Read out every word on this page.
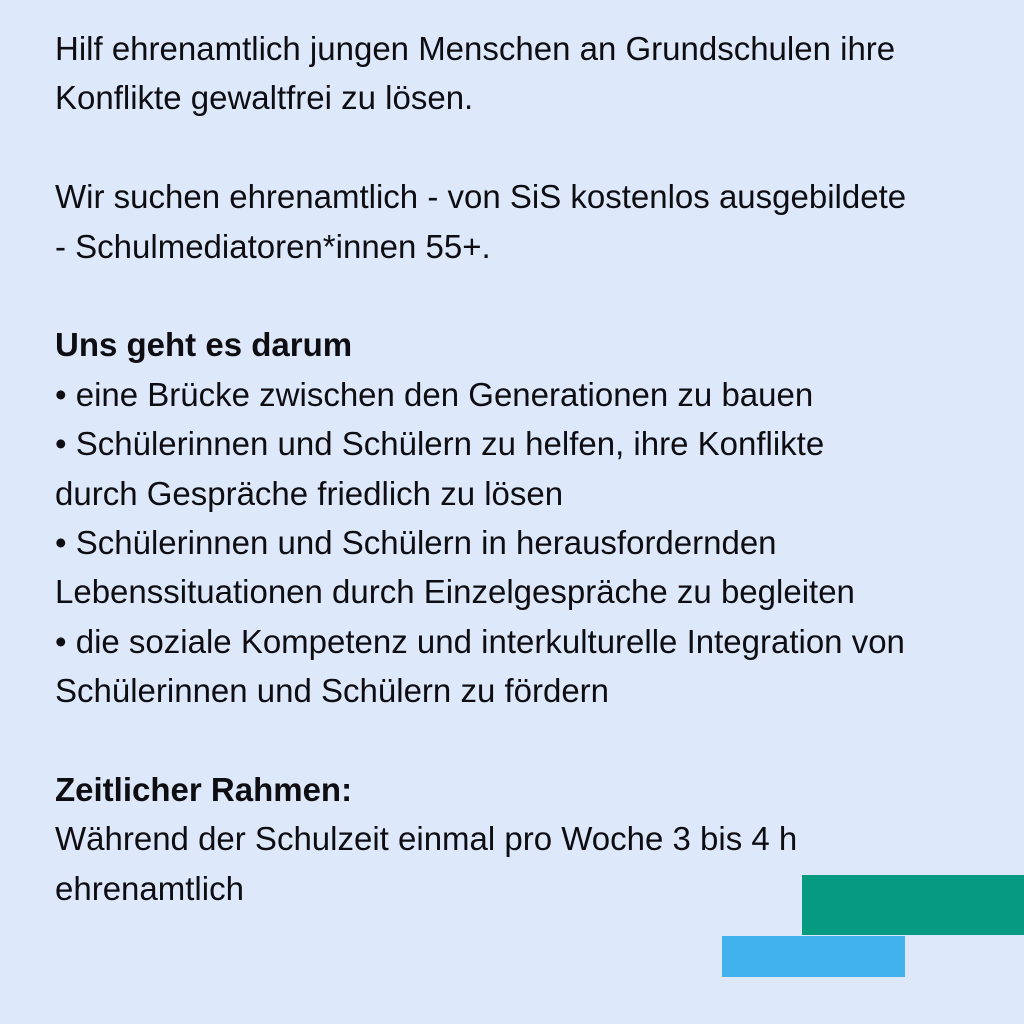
Hilf ehrenamtlich jungen Menschen an Grundschulen ihre
Konflikte gewaltfrei zu lösen.

Wir suchen ehrenamtlich - von SiS kostenlos ausgebildete
- Schulmediatoren*innen 55+.

Uns geht es darum
• eine Brücke zwischen den Generationen zu bauen
• Schülerinnen und Schülern zu helfen, ihre Konflikte
durch Gespräche friedlich zu lösen
• Schülerinnen und Schülern in herausfordernden
Lebenssituationen durch Einzelgespräche zu begleiten
• die soziale Kompetenz und interkulturelle Integration von
Schülerinnen und Schülern zu fördern

Zeitlicher Rahmen:
Während der Schulzeit einmal pro Woche 3 bis 4 h
ehrenamtlich
